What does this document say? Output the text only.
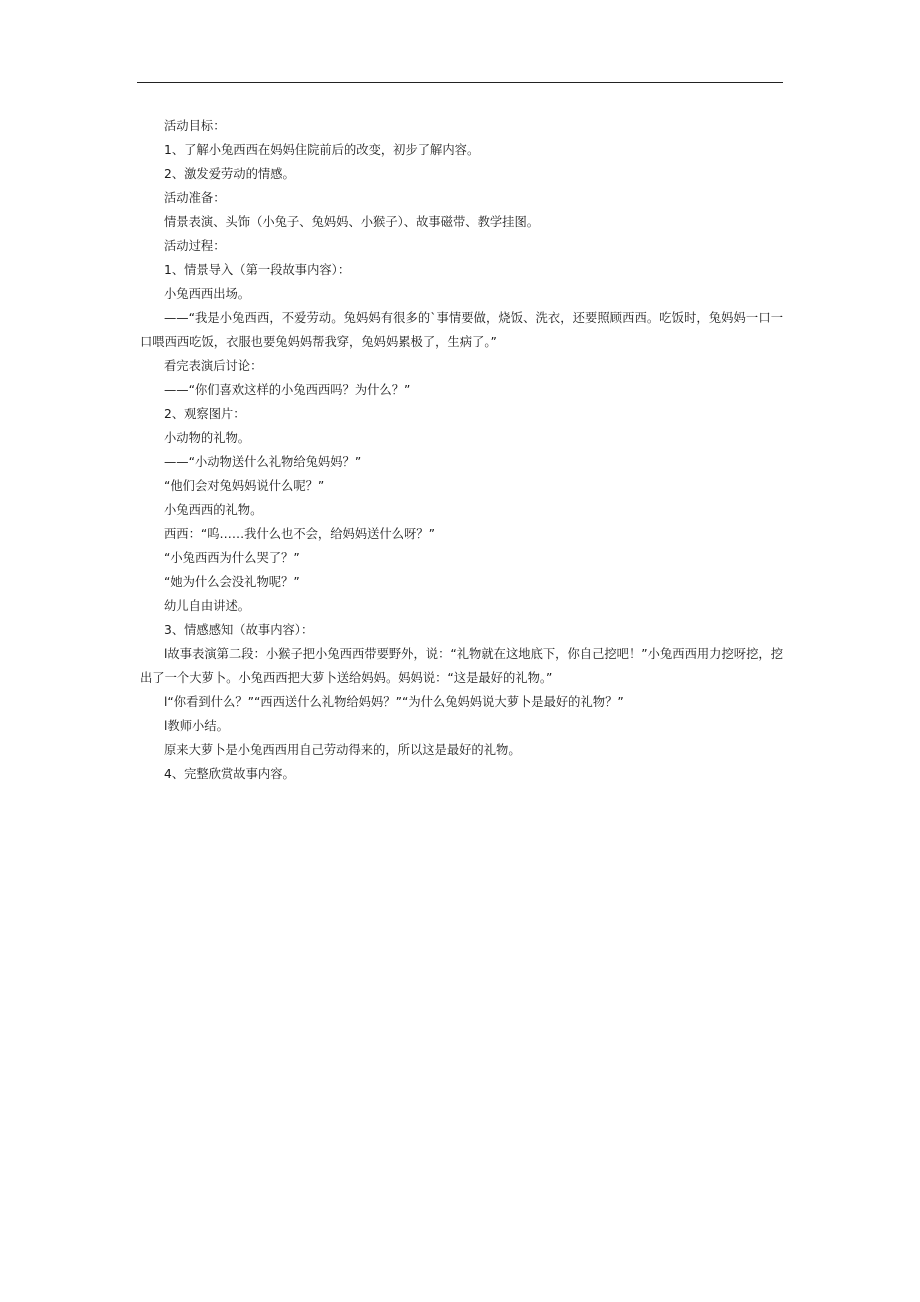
活动目标：

1、了解小兔西西在妈妈住院前后的改变，初步了解内容。

2、激发爱劳动的情感。

活动准备：

情景表演、头饰（小兔子、兔妈妈、小猴子）、故事磁带、教学挂图。

活动过程：

1、情景导入（第一段故事内容）：

小兔西西出场。

——“我是小兔西西，不爱劳动。兔妈妈有很多的`事情要做，烧饭、洗衣，还要照顾西西。吃饭时，兔妈妈一口一口喂西西吃饭，衣服也要兔妈妈帮我穿，兔妈妈累极了，生病了。”

看完表演后讨论：

——“你们喜欢这样的小兔西西吗？为什么？”

2、观察图片：

小动物的礼物。

——“小动物送什么礼物给兔妈妈？”

“他们会对兔妈妈说什么呢？”

小兔西西的礼物。

西西：“呜……我什么也不会，给妈妈送什么呀？”

“小兔西西为什么哭了？”

“她为什么会没礼物呢？”

幼儿自由讲述。

3、情感感知（故事内容）：

l故事表演第二段：小猴子把小兔西西带要野外，说：“礼物就在这地底下，你自己挖吧！”小兔西西用力挖呀挖，挖出了一个大萝卜。小兔西西把大萝卜送给妈妈。妈妈说：“这是最好的礼物。”

l“你看到什么？”“西西送什么礼物给妈妈？”“为什么兔妈妈说大萝卜是最好的礼物？”

l教师小结。

原来大萝卜是小兔西西用自己劳动得来的，所以这是最好的礼物。

4、完整欣赏故事内容。
